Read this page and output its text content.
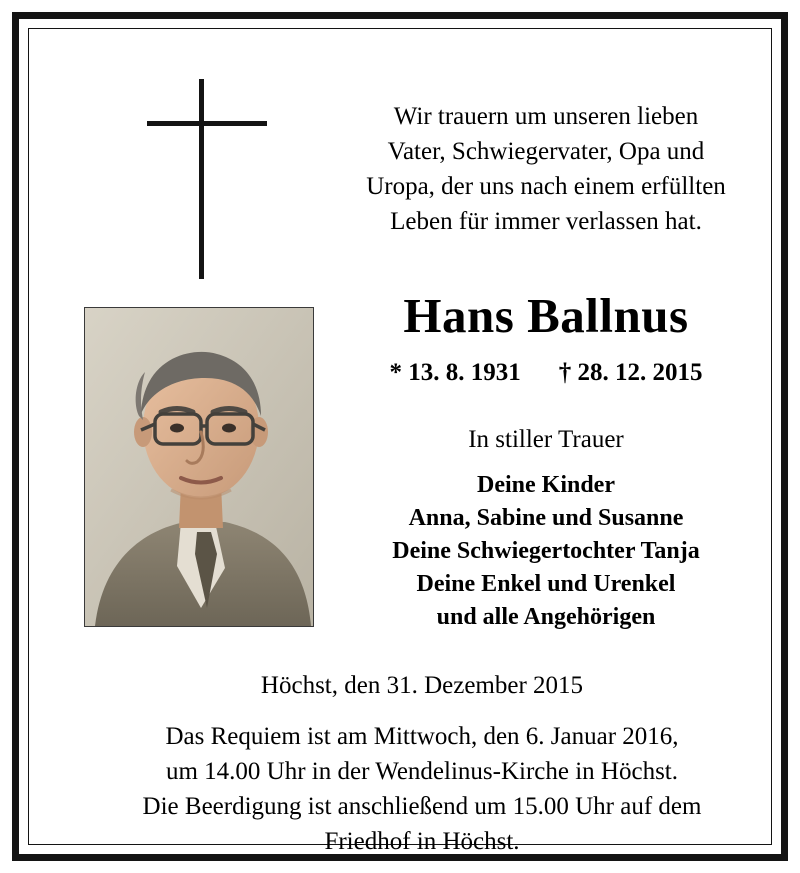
Wir trauern um unseren lieben
Vater, Schwiegervater, Opa und
Uropa, der uns nach einem erfüllten
Leben für immer verlassen hat.
Hans Ballnus
* 13. 8. 1931 † 28. 12. 2015
In stiller Trauer
Deine Kinder
Anna, Sabine und Susanne
Deine Schwiegertochter Tanja
Deine Enkel und Urenkel
und alle Angehörigen
Höchst, den 31. Dezember 2015
Das Requiem ist am Mittwoch, den 6. Januar 2016,
um 14.00 Uhr in der Wendelinus-Kirche in Höchst.
Die Beerdigung ist anschließend um 15.00 Uhr auf dem
Friedhof in Höchst.
